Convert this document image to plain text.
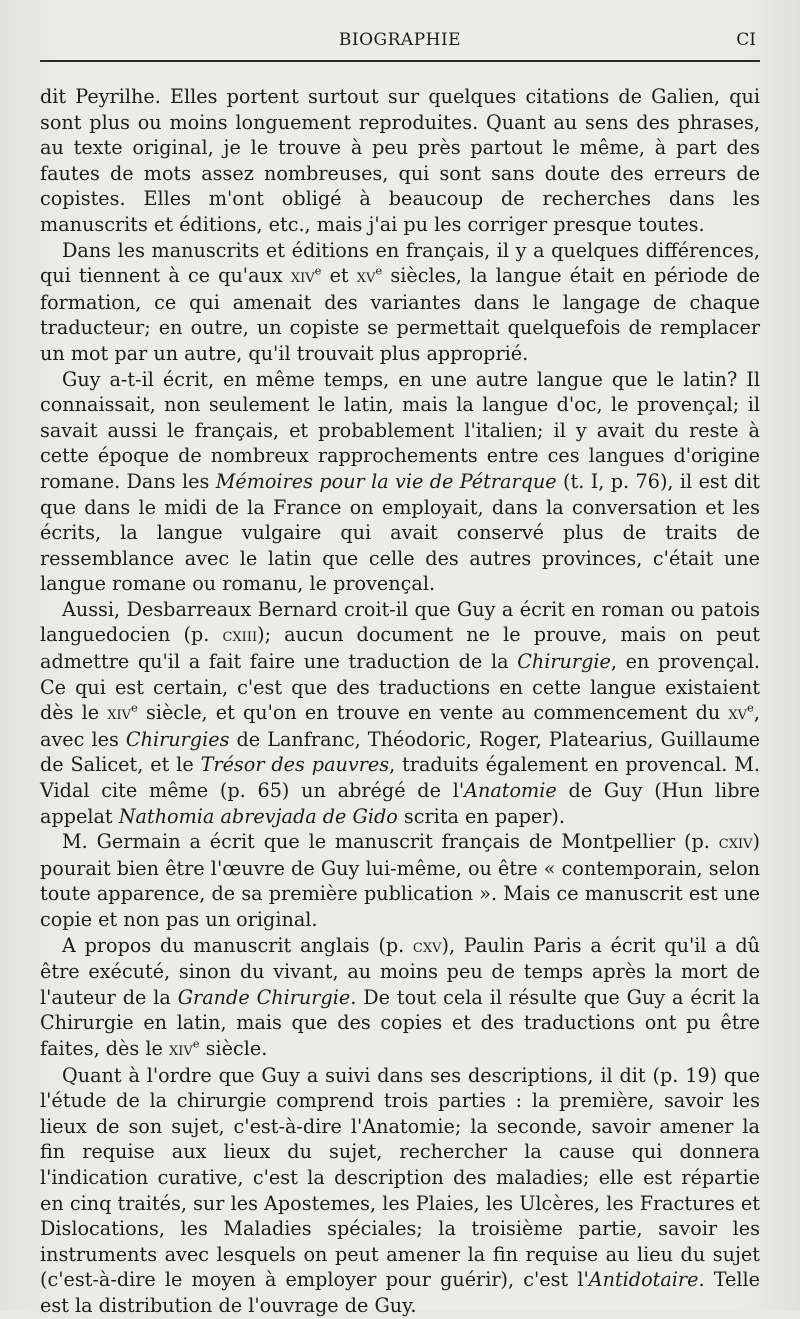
BIOGRAPHIE	CI

dit Peyrilhe. Elles portent surtout sur quelques citations de Galien, qui sont plus ou moins longuement reproduites. Quant au sens des phrases, au texte original, je le trouve à peu près partout le même, à part des fautes de mots assez nombreuses, qui sont sans doute des erreurs de copistes. Elles m'ont obligé à beaucoup de recherches dans les manuscrits et éditions, etc., mais j'ai pu les corriger presque toutes.

Dans les manuscrits et éditions en français, il y a quelques différences, qui tiennent à ce qu'aux xiv$^e$ et $xv^e$ siècles, la langue était en période de formation, ce qui amenait des variantes dans le langage de chaque traducteur; en outre, un copiste se permettait quelquefois de remplacer un mot par un autre, qu'il trouvait plus approprié.

Guy a-t-il écrit, en même temps, en une autre langue que le latin? Il connaissait, non seulement le latin, mais la langue d'oc, le provençal; il savait aussi le français, et probablement l'italien; il y avait du reste à cette époque de nombreux rapprochements entre ces langues d'origine romane. Dans les Mémoires pour la vie de Pétrarque (t. I, p. 76), il est dit que dans le midi de la France on employait, dans la conversation et les écrits, la langue vulgaire qui avait conservé plus de traits de ressemblance avec le latin que celle des autres provinces, c'était une langue romane ou romanu, le provençal.

Aussi, Desbarreaux Bernard croit-il que Guy a écrit en roman ou patois languedocien (p. cxiii); aucun document ne le prouve, mais on peut admettre qu'il a fait faire une traduction de la Chirurgie, en provençal. Ce qui est certain, c'est que des traductions en cette langue existaient dès le xiv$^e$ siècle, et qu'on en trouve en vente au commencement du $xv^e$, avec les Chirurgies de Lanfranc, Théodoric, Roger, Platearius, Guillaume de Salicet, et le Trésor des pauvres, traduits également en provencal. M. Vidal cite même (p. 65) un abrégé de l'Anatomie de Guy (Hun libre appelat Nathomia abrevjada de Gido scrita en paper).

M. Germain a écrit que le manuscrit français de Montpellier (p. cxiv) pourait bien être l'œuvre de Guy lui-même, ou être « contemporain, selon toute apparence, de sa première publication ». Mais ce manuscrit est une copie et non pas un original.

A propos du manuscrit anglais (p. cxv), Paulin Paris a écrit qu'il a dû être exécuté, sinon du vivant, au moins peu de temps après la mort de l'auteur de la Grande Chirurgie. De tout cela il résulte que Guy a écrit la Chirurgie en latin, mais que des copies et des traductions ont pu être faites, dès le xiv$^e$ siècle.

Quant à l'ordre que Guy a suivi dans ses descriptions, il dit (p. 19) que l'étude de la chirurgie comprend trois parties : la première, savoir les lieux de son sujet, c'est-à-dire l'Anatomie; la seconde, savoir amener la fin requise aux lieux du sujet, rechercher la cause qui donnera l'indication curative, c'est la description des maladies; elle est répartie en cinq traités, sur les Apostemes, les Plaies, les Ulcères, les Fractures et Dislocations, les Maladies spéciales; la troisième partie, savoir les instruments avec lesquels on peut amener la fin requise au lieu du sujet (c'est-à-dire le moyen à employer pour guérir), c'est l'Antidotaire. Telle est la distribution de l'ouvrage de Guy.
